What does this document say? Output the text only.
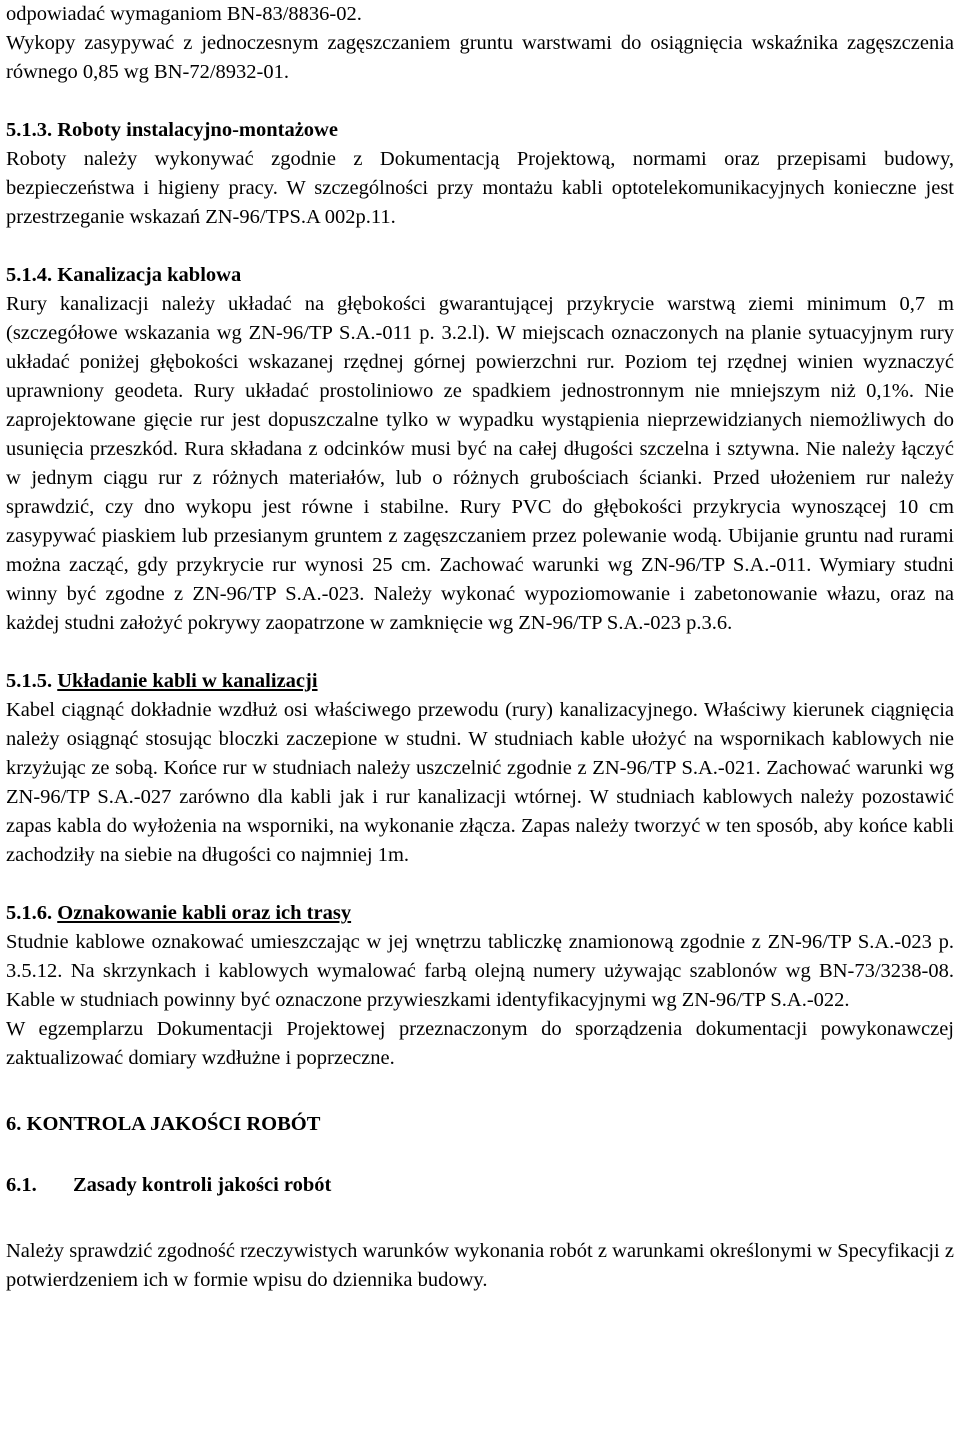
odpowiadać wymaganiom BN-83/8836-02.

Wykopy zasypywać z jednoczesnym zagęszczaniem gruntu warstwami do osiągnięcia wskaźnika zagęszczenia równego 0,85 wg BN-72/8932-01.

5.1.3. Roboty instalacyjno-montażowe

Roboty należy wykonywać zgodnie z Dokumentacją Projektową, normami oraz przepisami budowy, bezpieczeństwa i higieny pracy. W szczególności przy montażu kabli optotelekomunikacyjnych konieczne jest przestrzeganie wskazań ZN-96/TPS.A 002p.11.

5.1.4. Kanalizacja kablowa

Rury kanalizacji należy układać na głębokości gwarantującej przykrycie warstwą ziemi minimum 0,7 m (szczegółowe wskazania wg ZN-96/TP S.A.-011 p. 3.2.l). W miejscach oznaczonych na planie sytuacyjnym rury układać poniżej głębokości wskazanej rzędnej górnej powierzchni rur. Poziom tej rzędnej winien wyznaczyć uprawniony geodeta. Rury układać prostoliniowo ze spadkiem jednostronnym nie mniejszym niż 0,1%. Nie zaprojektowane gięcie rur jest dopuszczalne tylko w wypadku wystąpienia nieprzewidzianych niemożliwych do usunięcia przeszkód. Rura składana z odcinków musi być na całej długości szczelna i sztywna. Nie należy łączyć w jednym ciągu rur z różnych materiałów, lub o różnych grubościach ścianki. Przed ułożeniem rur należy sprawdzić, czy dno wykopu jest równe i stabilne. Rury PVC do głębokości przykrycia wynoszącej 10 cm zasypywać piaskiem lub przesianym gruntem z zagęszczaniem przez polewanie wodą. Ubijanie gruntu nad rurami można zacząć, gdy przykrycie rur wynosi 25 cm. Zachować warunki wg ZN-96/TP S.A.-011. Wymiary studni winny być zgodne z ZN-96/TP S.A.-023. Należy wykonać wypoziomowanie i zabetonowanie włazu, oraz na każdej studni założyć pokrywy zaopatrzone w zamknięcie wg ZN-96/TP S.A.-023 p.3.6.

5.1.5. Układanie kabli w kanalizacji

Kabel ciągnąć dokładnie wzdłuż osi właściwego przewodu (rury) kanalizacyjnego. Właściwy kierunek ciągnięcia należy osiągnąć stosując bloczki zaczepione w studni. W studniach kable ułożyć na wspornikach kablowych nie krzyżując ze sobą. Końce rur w studniach należy uszczelnić zgodnie z ZN-96/TP S.A.-021. Zachować warunki wg ZN-96/TP S.A.-027 zarówno dla kabli jak i rur kanalizacji wtórnej. W studniach kablowych należy pozostawić zapas kabla do wyłożenia na wsporniki, na wykonanie złącza. Zapas należy tworzyć w ten sposób, aby końce kabli zachodziły na siebie na długości co najmniej 1m.

5.1.6. Oznakowanie kabli oraz ich trasy

Studnie kablowe oznakować umieszczając w jej wnętrzu tabliczkę znamionową zgodnie z ZN-96/TP S.A.-023 p. 3.5.12. Na skrzynkach i kablowych wymalować farbą olejną numery używając szablonów wg BN-73/3238-08. Kable w studniach powinny być oznaczone przywieszkami identyfikacyjnymi wg ZN-96/TP S.A.-022.

W egzemplarzu Dokumentacji Projektowej przeznaczonym do sporządzenia dokumentacji powykonawczej zaktualizować domiary wzdłużne i poprzeczne.

6. KONTROLA JAKOŚCI ROBÓT

6.1.	Zasady kontroli jakości robót

Należy sprawdzić zgodność rzeczywistych warunków wykonania robót z warunkami określonymi w Specyfikacji z potwierdzeniem ich w formie wpisu do dziennika budowy.
